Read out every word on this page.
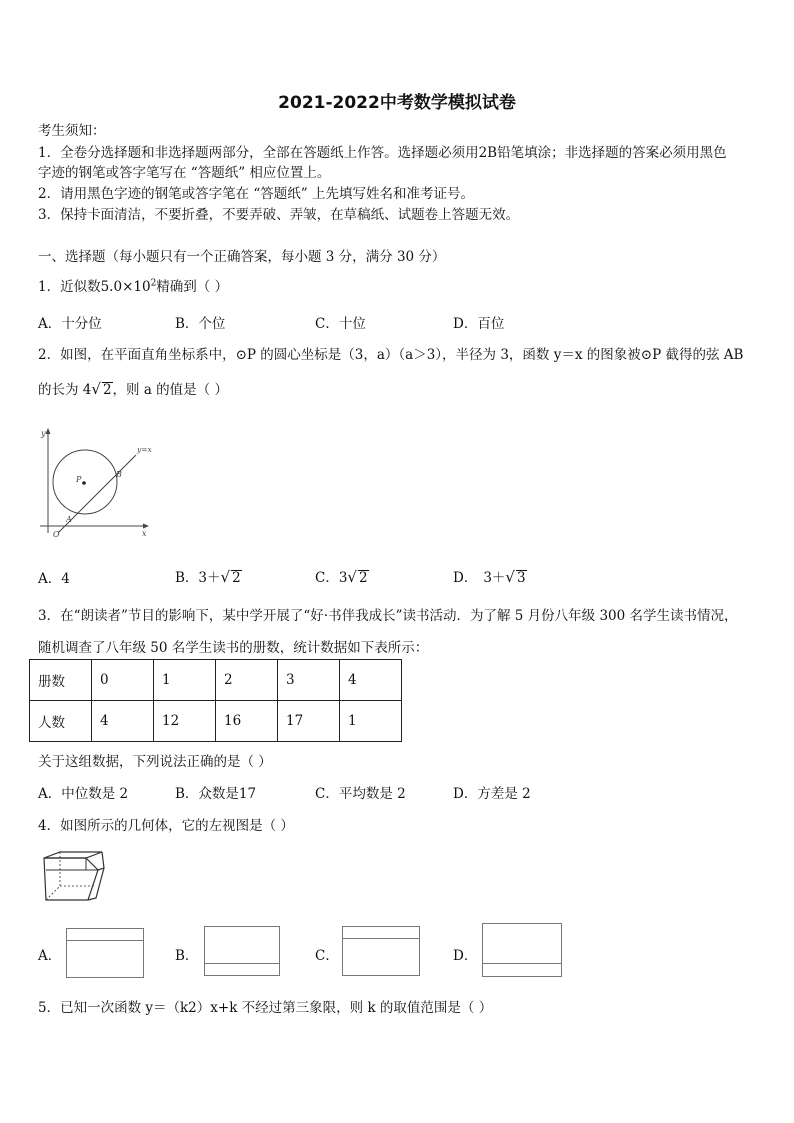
2021-2022中考数学模拟试卷
考生须知：
1．全卷分选择题和非选择题两部分，全部在答题纸上作答。选择题必须用2B铅笔填涂；非选择题的答案必须用黑色
字迹的钢笔或答字笔写在 “答题纸” 相应位置上。
2．请用黑色字迹的钢笔或答字笔在 “答题纸” 上先填写姓名和准考证号。
3．保持卡面清洁，不要折叠，不要弄破、弄皱，在草稿纸、试题卷上答题无效。
一、选择题（每小题只有一个正确答案，每小题 3 分，满分 30 分）
1．近似数$5.0\times 10^2$精确到（ ）
A．十分位	B．个位	C．十位	D．百位
2．如图，在平面直角坐标系中，⊙P 的圆心坐标是（3，a）（a＞3），半径为 3，函数 y＝x 的图象被⊙P 截得的弦 AB
的长为 4√ 2，则 a 的值是（ ）
y
x
O
y=x
P
A
B
A．4	B．3＋√ 2	C．3√ 2	D． 3＋√ 3
3．在“朗读者”节目的影响下，某中学开展了“好·书伴我成长”读书活动．为了解 5 月份八年级 300 名学生读书情况，
随机调查了八年级 50 名学生读书的册数，统计数据如下表所示：
册数	0	1	2	3	4
人数	4	12	16	17	1
关于这组数据，下列说法正确的是（ ）
A．中位数是 2	B．众数是17	C．平均数是 2	D．方差是 2
4．如图所示的几何体，它的左视图是（ ）
A．	B．	C．	D．
5．已知一次函数 y＝（k2）x+k 不经过第三象限，则 k 的取值范围是（ ）
